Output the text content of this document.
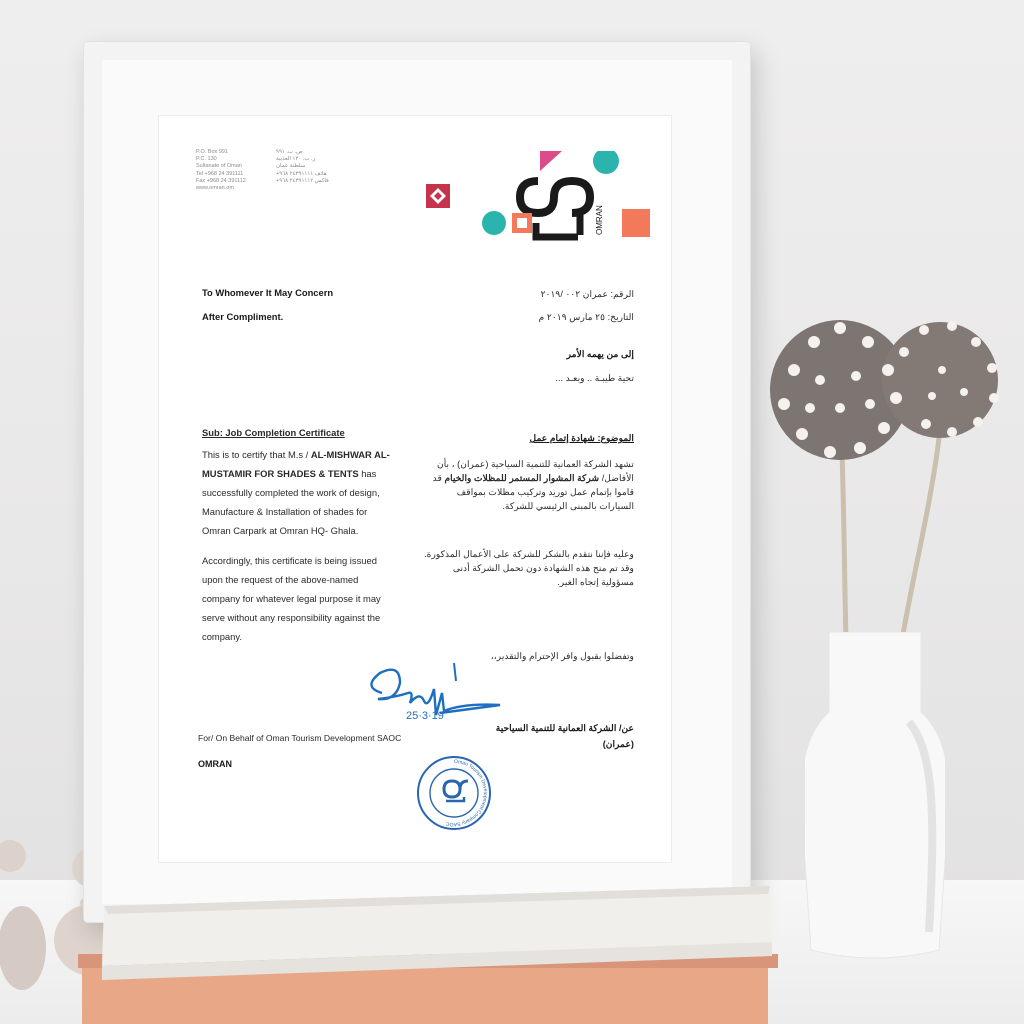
P.O. Box 991
P.C. 130
Sultanate of Oman
Tel +968 24 391111
Fax +968 24 391112
www.omran.om
ص. ب. ٩٩١
ر. ب. ١٣٠ العذيبة
سلطنة عمان
هاتف ٢٤٣٩١١١١ ٩٦٨+
فاكس ٢٤٣٩١١١٢ ٩٦٨+
OMRAN
To Whomever It May Concern
After Compliment.
الرقم: عمران ٠٠٢ /٢٠١٩
التاريخ: ٢٥ مارس ٢٠١٩ م
إلى من يهمه الأمر
تحية طيبـة .. وبعـد ...
Sub: Job Completion Certificate

This is to certify that M.s / AL-MISHWAR AL-MUSTAMIR FOR SHADES & TENTS has successfully completed the work of design, Manufacture & Installation of shades for Omran Carpark at Omran HQ- Ghala.

Accordingly, this certificate is being issued upon the request of the above-named company for whatever legal purpose it may serve without any responsibility against the company.

الموضوع: شهادة إتمام عمل
تشهد الشركة العمانية للتنمية السياحية (عمران) ، بأن الأفاضل/ شركة المشوار المستمر للمظلات والخيام قد قاموا بإتمام عمل توريد وتركيب مظلات بمواقف السيارات بالمبنى الرئيسي للشركة.
وعليه فإننا نتقدم بالشكر للشركة على الأعمال المذكورة. وقد تم منح هذه الشهادة دون تحمل الشركة أدنى مسؤولية إتجاه الغير.
وتفضلوا بقبول وافر الإحترام والتقدير،،
25·3·19
For/ On Behalf of Oman Tourism Development SAOC
OMRAN
عن/ الشركة العمانية للتنمية السياحية
(عمران)
Oman Tourism Development Company SAOC
